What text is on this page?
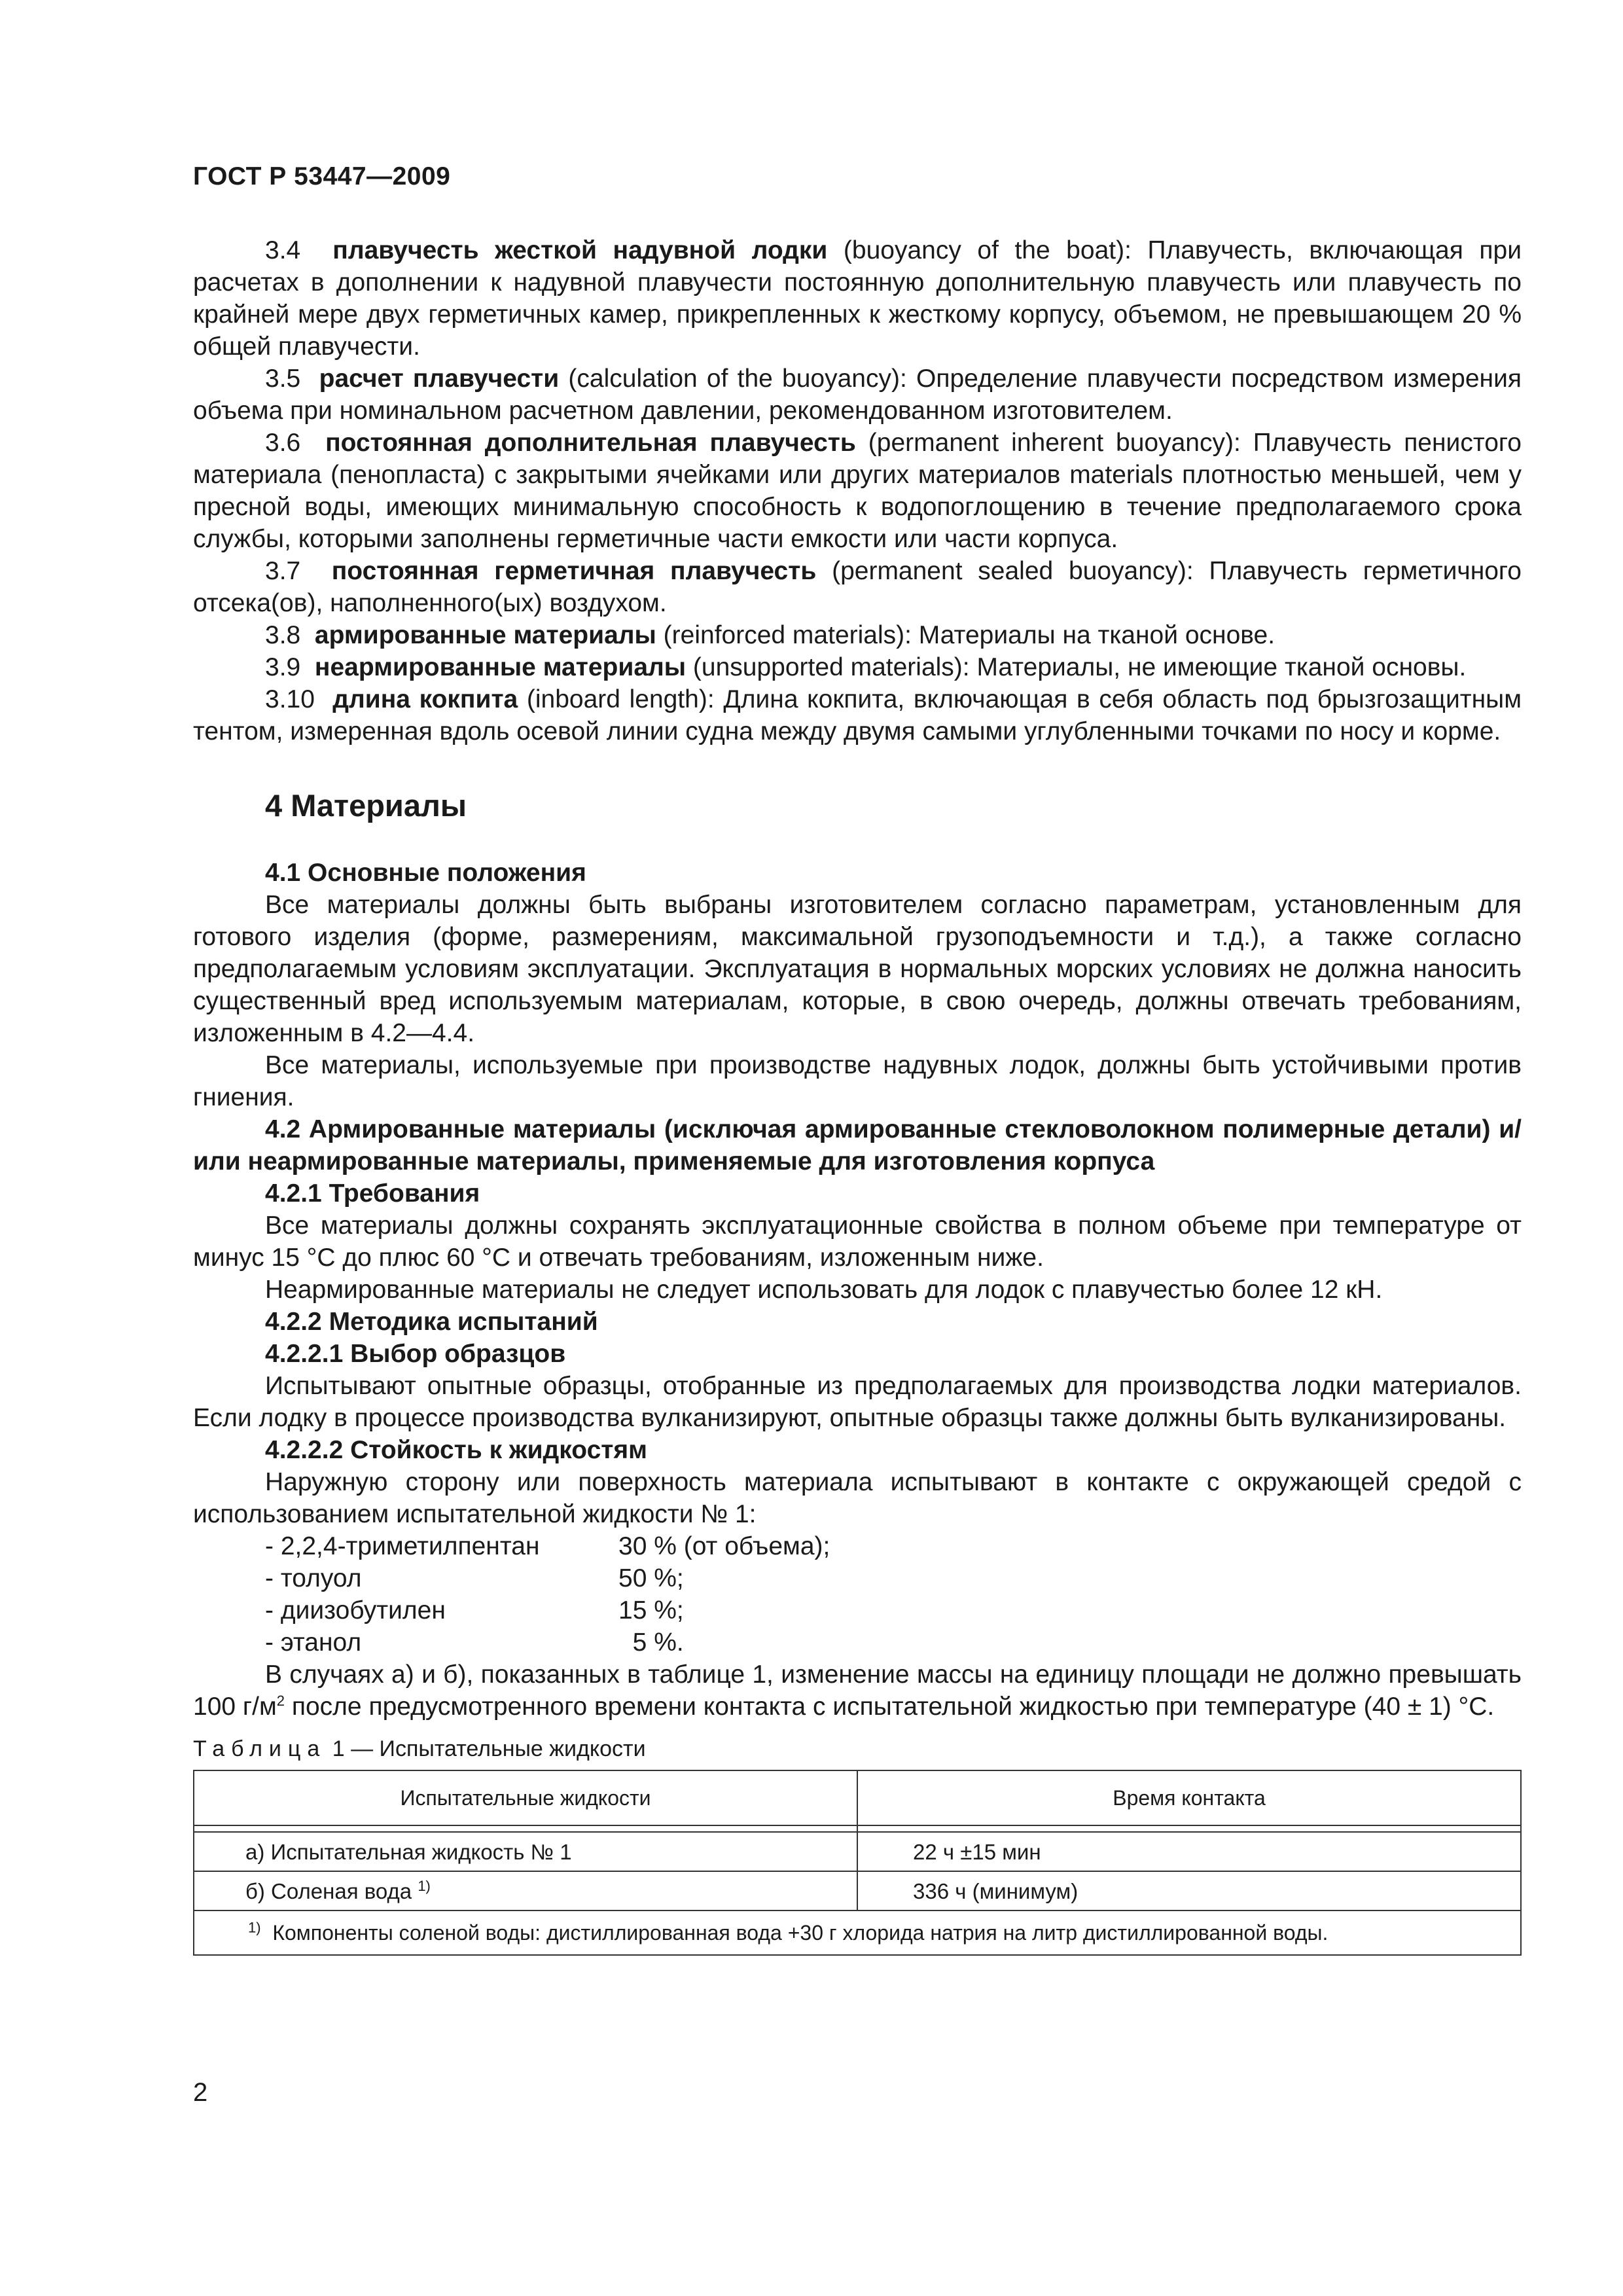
ГОСТ Р 53447—2009

3.4 плавучесть жесткой надувной лодки (buoyancy of the boat): Плавучесть, включающая при расчетах в дополнении к надувной плавучести постоянную дополнительную плавучесть или плавучесть по крайней мере двух герметичных камер, прикрепленных к жесткому корпусу, объемом, не превышающем 20 % общей плавучести.

3.5 расчет плавучести (calculation of the buoyancy): Определение плавучести посредством измерения объема при номинальном расчетном давлении, рекомендованном изготовителем.

3.6 постоянная дополнительная плавучесть (permanent inherent buoyancy): Плавучесть пенистого материала (пенопласта) с закрытыми ячейками или других материалов materials плотностью меньшей, чем у пресной воды, имеющих минимальную способность к водопоглощению в течение предполагаемого срока службы, которыми заполнены герметичные части емкости или части корпуса.

3.7 постоянная герметичная плавучесть (permanent sealed buoyancy): Плавучесть герметичного отсека(ов), наполненного(ых) воздухом.

3.8 армированные материалы (reinforced materials): Материалы на тканой основе.

3.9 неармированные материалы (unsupported materials): Материалы, не имеющие тканой основы.

3.10 длина кокпита (inboard length): Длина кокпита, включающая в себя область под брызгозащитным тентом, измеренная вдоль осевой линии судна между двумя самыми углубленными точками по носу и корме.

4 Материалы
4.1 Основные положения

Все материалы должны быть выбраны изготовителем согласно параметрам, установленным для готового изделия (форме, размерениям, максимальной грузоподъемности и т.д.), а также согласно предполагаемым условиям эксплуатации. Эксплуатация в нормальных морских условиях не должна наносить существенный вред используемым материалам, которые, в свою очередь, должны отвечать требованиям, изложенным в 4.2—4.4.

Все материалы, используемые при производстве надувных лодок, должны быть устойчивыми против гниения.

4.2 Армированные материалы (исключая армированные стекловолокном полимерные детали) и/или неармированные материалы, применяемые для изготовления корпуса

4.2.1 Требования

Все материалы должны сохранять эксплуатационные свойства в полном объеме при температуре от минус 15 °С до плюс 60 °С и отвечать требованиям, изложенным ниже.

Неармированные материалы не следует использовать для лодок с плавучестью более 12 кН.

4.2.2 Методика испытаний
4.2.2.1 Выбор образцов

Испытывают опытные образцы, отобранные из предполагаемых для производства лодки материалов. Если лодку в процессе производства вулканизируют, опытные образцы также должны быть вулканизированы.

4.2.2.2 Стойкость к жидкостям

Наружную сторону или поверхность материала испытывают в контакте с окружающей средой с использованием испытательной жидкости № 1:

- 2,2,4-триметилпентан	30 % (от объема);
- толуол	50 %;
- диизобутилен	15 %;
- этанол	5 %.

В случаях а) и б), показанных в таблице 1, изменение массы на единицу площади не должно превышать 100 $г/м^2$ после предусмотренного времени контакта с испытательной жидкостью при температуре (40 ± 1) °С.

Таблица 1 — Испытательные жидкости
Испытательные жидкости	Время контакта

а) Испытательная жидкость № 1	22 ч ±15 мин
б) Соленая вода $^{1)}$	336 ч (минимум)
$^{1)}$ Компоненты соленой воды: дистиллированная вода +30 г хлорида натрия на литр дистиллированной воды.	
2
